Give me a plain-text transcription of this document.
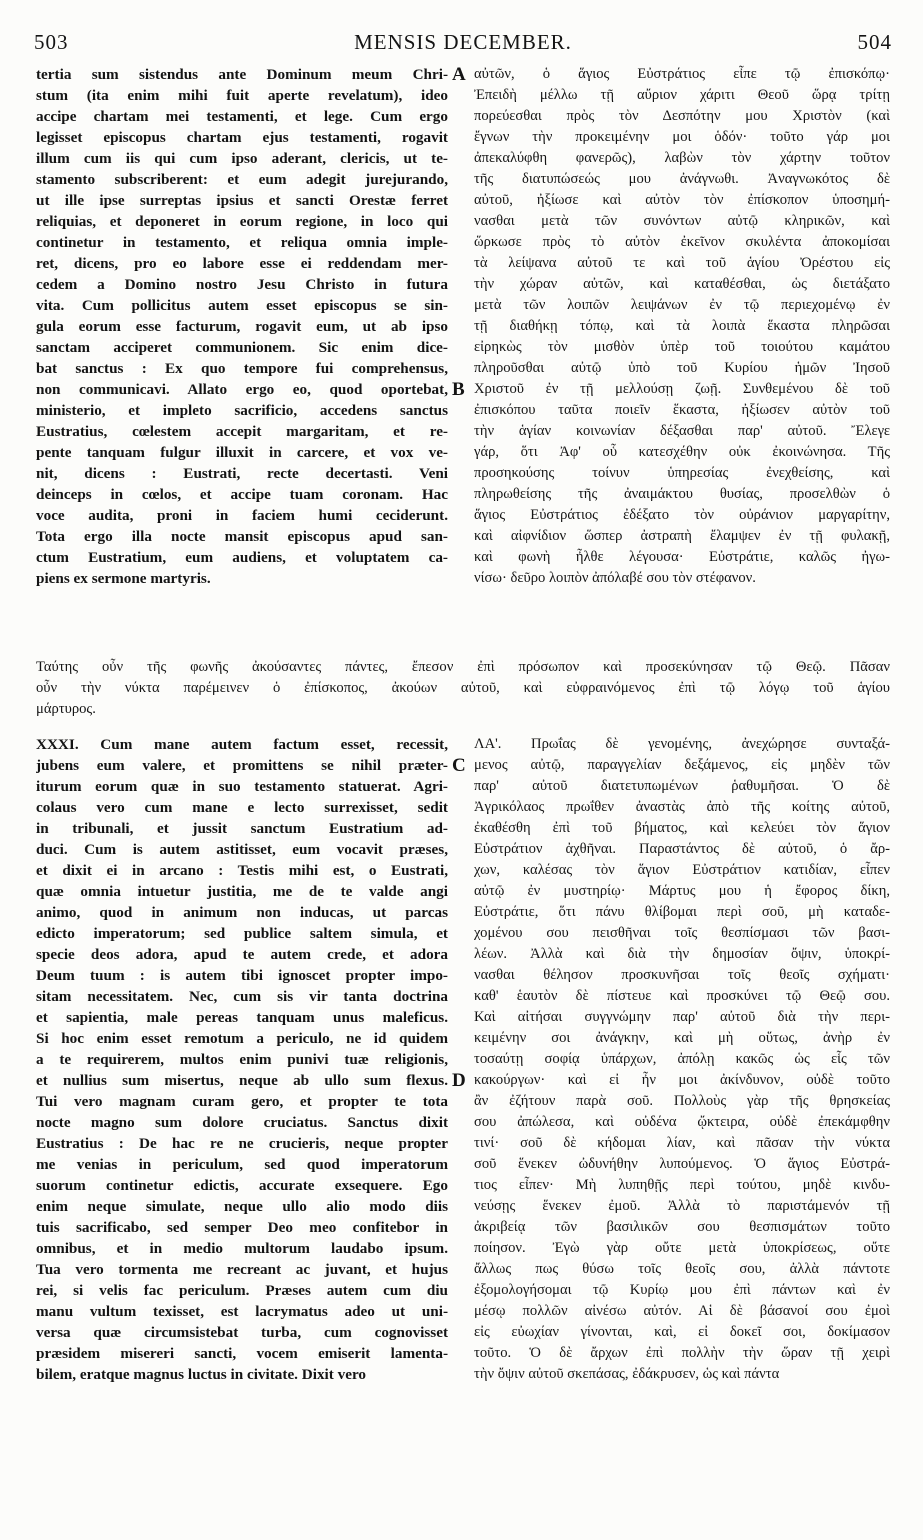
503	MENSIS DECEMBER.	504
tertia sum sistendus ante Dominum meum Chri-
stum (ita enim mihi fuit aperte revelatum), ideo
accipe chartam mei testamenti, et lege. Cum ergo
legisset episcopus chartam ejus testamenti, rogavit
illum cum iis qui cum ipso aderant, clericis, ut te-
stamento subscriberent: et eum adegit jurejurando,
ut ille ipse surreptas ipsius et sancti Orestæ ferret
reliquias, et deponeret in eorum regione, in loco qui
continetur in testamento, et reliqua omnia imple-
ret, dicens, pro eo labore esse ei reddendam mer-
cedem a Domino nostro Jesu Christo in futura
vita. Cum pollicitus autem esset episcopus se sin-
gula eorum esse facturum, rogavit eum, ut ab ipso
sanctam acciperet communionem. Sic enim dice-
bat sanctus : Ex quo tempore fui comprehensus,
non communicavi. Allato ergo eo, quod oportebat,
ministerio, et impleto sacrificio, accedens sanctus
Eustratius, cœlestem accepit margaritam, et re-
pente tanquam fulgur illuxit in carcere, et vox ve-
nit, dicens : Eustrati, recte decertasti. Veni
deinceps in cœlos, et accipe tuam coronam. Hac
voce audita, proni in faciem humi ceciderunt.
Tota ergo illa nocte mansit episcopus apud san-
ctum Eustratium, eum audiens, et voluptatem ca-
piens ex sermone martyris.
αὐτῶν, ὁ ἅγιος Εὐστράτιος εἶπε τῷ ἐπισκόπῳ·
Ἐπειδὴ μέλλω τῇ αὔριον χάριτι Θεοῦ ὥρᾳ τρίτῃ
πορεύεσθαι πρὸς τὸν Δεσπότην μου Χριστὸν (καὶ
ἔγνων τὴν προκειμένην μοι ὁδόν· τοῦτο γάρ μοι
ἀπεκαλύφθη φανερῶς), λαβὼν τὸν χάρτην τοῦτον
τῆς διατυπώσεώς μου ἀνάγνωθι. Ἀναγνωκότος δὲ
αὐτοῦ, ἠξίωσε καὶ αὐτὸν τὸν ἐπίσκοπον ὑποσημή-
νασθαι μετὰ τῶν συνόντων αὐτῷ κληρικῶν, καὶ
ὥρκωσε πρὸς τὸ αὐτὸν ἐκεῖνον σκυλέντα ἀποκομίσαι
τὰ λείψανα αὐτοῦ τε καὶ τοῦ ἁγίου Ὀρέστου εἰς
τὴν χώραν αὐτῶν, καὶ καταθέσθαι, ὡς διετάξατο
μετὰ τῶν λοιπῶν λειψάνων ἐν τῷ περιεχομένῳ ἐν
τῇ διαθήκῃ τόπῳ, καὶ τὰ λοιπὰ ἕκαστα πληρῶσαι
εἰρηκὼς τὸν μισθὸν ὑπὲρ τοῦ τοιούτου καμάτου
πληροῦσθαι αὐτῷ ὑπὸ τοῦ Κυρίου ἡμῶν Ἰησοῦ
Χριστοῦ ἐν τῇ μελλούσῃ ζωῇ. Συνθεμένου δὲ τοῦ
ἐπισκόπου ταῦτα ποιεῖν ἕκαστα, ἠξίωσεν αὐτὸν τοῦ
τὴν ἁγίαν κοινωνίαν δέξασθαι παρ' αὐτοῦ. Ἔλεγε
γάρ, ὅτι Ἀφ' οὗ κατεσχέθην οὐκ ἐκοινώνησα. Τῆς
προσηκούσης τοίνυν ὑπηρεσίας ἐνεχθείσης, καὶ
πληρωθείσης τῆς ἀναιμάκτου θυσίας, προσελθὼν ὁ
ἅγιος Εὐστράτιος ἐδέξατο τὸν οὐράνιον μαργαρίτην,
καὶ αἰφνίδιον ὥσπερ ἀστραπὴ ἔλαμψεν ἐν τῇ φυλακῇ,
καὶ φωνὴ ἦλθε λέγουσα· Εὐστράτιε, καλῶς ἠγω-
νίσω· δεῦρο λοιπὸν ἀπόλαβέ σου τὸν στέφανον.
Ταύτης οὖν τῆς φωνῆς ἀκούσαντες πάντες, ἔπεσον ἐπὶ πρόσωπον καὶ προσεκύνησαν τῷ Θεῷ. Πᾶσαν
οὖν τὴν νύκτα παρέμεινεν ὁ ἐπίσκοπος, ἀκούων αὐτοῦ, καὶ εὐφραινόμενος ἐπὶ τῷ λόγῳ τοῦ ἁγίου
μάρτυρος.
XXXI. Cum mane autem factum esset, recessit,
jubens eum valere, et promittens se nihil præter-
iturum eorum quæ in suo testamento statuerat. Agri-
colaus vero cum mane e lecto surrexisset, sedit
in tribunali, et jussit sanctum Eustratium ad-
duci. Cum is autem astitisset, eum vocavit præses,
et dixit ei in arcano : Testis mihi est, o Eustrati,
quæ omnia intuetur justitia, me de te valde angi
animo, quod in animum non inducas, ut parcas
edicto imperatorum; sed publice saltem simula, et
specie deos adora, apud te autem crede, et adora
Deum tuum : is autem tibi ignoscet propter impo-
sitam necessitatem. Nec, cum sis vir tanta doctrina
et sapientia, male pereas tanquam unus maleficus.
Si hoc enim esset remotum a periculo, ne id quidem
a te requirerem, multos enim punivi tuæ religionis,
et nullius sum misertus, neque ab ullo sum flexus.
Tui vero magnam curam gero, et propter te tota
nocte magno sum dolore cruciatus. Sanctus dixit
Eustratius : De hac re ne crucieris, neque propter
me venias in periculum, sed quod imperatorum
suorum continetur edictis, accurate exsequere. Ego
enim neque simulate, neque ullo alio modo diis
tuis sacrificabo, sed semper Deo meo confitebor in
omnibus, et in medio multorum laudabo ipsum.
Tua vero tormenta me recreant ac juvant, et hujus
rei, si velis fac periculum. Præses autem cum diu
manu vultum texisset, est lacrymatus adeo ut uni-
versa quæ circumsistebat turba, cum cognovisset
præsidem misereri sancti, vocem emiserit lamenta-
bilem, eratque magnus luctus in civitate. Dixit vero
ΛΑ'. Πρωΐας δὲ γενομένης, ἀνεχώρησε συνταξά-
μενος αὐτῷ, παραγγελίαν δεξάμενος, εἰς μηδὲν τῶν
παρ' αὐτοῦ διατετυπωμένων ῥαθυμῆσαι. Ὁ δὲ
Ἀγρικόλαος πρωΐθεν ἀναστὰς ἀπὸ τῆς κοίτης αὐτοῦ,
ἐκαθέσθη ἐπὶ τοῦ βήματος, καὶ κελεύει τὸν ἅγιον
Εὐστράτιον ἀχθῆναι. Παραστάντος δὲ αὐτοῦ, ὁ ἄρ-
χων, καλέσας τὸν ἅγιον Εὐστράτιον κατιδίαν, εἶπεν
αὐτῷ ἐν μυστηρίῳ· Μάρτυς μου ἡ ἔφορος δίκη,
Εὐστράτιε, ὅτι πάνυ θλίβομαι περὶ σοῦ, μὴ καταδε-
χομένου σου πεισθῆναι τοῖς θεσπίσμασι τῶν βασι-
λέων. Ἀλλὰ καὶ διὰ τὴν δημοσίαν ὄψιν, ὑποκρί-
νασθαι θέλησον προσκυνῆσαι τοῖς θεοῖς σχήματι·
καθ' ἑαυτὸν δὲ πίστευε καὶ προσκύνει τῷ Θεῷ σου.
Καὶ αἰτήσαι συγγνώμην παρ' αὐτοῦ διὰ τὴν περι-
κειμένην σοι ἀνάγκην, καὶ μὴ οὕτως, ἀνὴρ ἐν
τοσαύτῃ σοφίᾳ ὑπάρχων, ἀπόλῃ κακῶς ὡς εἷς τῶν
κακούργων· καὶ εἰ ἦν μοι ἀκίνδυνον, οὐδὲ τοῦτο
ἂν ἐζήτουν παρὰ σοῦ. Πολλοὺς γὰρ τῆς θρησκείας
σου ἀπώλεσα, καὶ οὐδένα ᾤκτειρα, οὐδὲ ἐπεκάμφθην
τινί· σοῦ δὲ κήδομαι λίαν, καὶ πᾶσαν τὴν νύκτα
σοῦ ἕνεκεν ὠδυνήθην λυπούμενος. Ὁ ἅγιος Εὐστρά-
τιος εἶπεν· Μὴ λυπηθῇς περὶ τούτου, μηδὲ κινδυ-
νεύσῃς ἕνεκεν ἐμοῦ. Ἀλλὰ τὸ παριστάμενόν τῇ
ἀκριβείᾳ τῶν βασιλικῶν σου θεσπισμάτων τοῦτο
ποίησον. Ἐγὼ γὰρ οὔτε μετὰ ὑποκρίσεως, οὔτε
ἄλλως πως θύσω τοῖς θεοῖς σου, ἀλλὰ πάντοτε
ἐξομολογήσομαι τῷ Κυρίῳ μου ἐπὶ πάντων καὶ ἐν
μέσῳ πολλῶν αἰνέσω αὐτόν. Αἱ δὲ βάσανοί σου ἐμοὶ
εἰς εὐωχίαν γίνονται, καὶ, εἰ δοκεῖ σοι, δοκίμασον
τοῦτο. Ὁ δὲ ἄρχων ἐπὶ πολλὴν τὴν ὥραν τῇ χειρὶ
τὴν ὄψιν αὐτοῦ σκεπάσας, ἐδάκρυσεν, ὡς καὶ πάντα
A
B
C
D
